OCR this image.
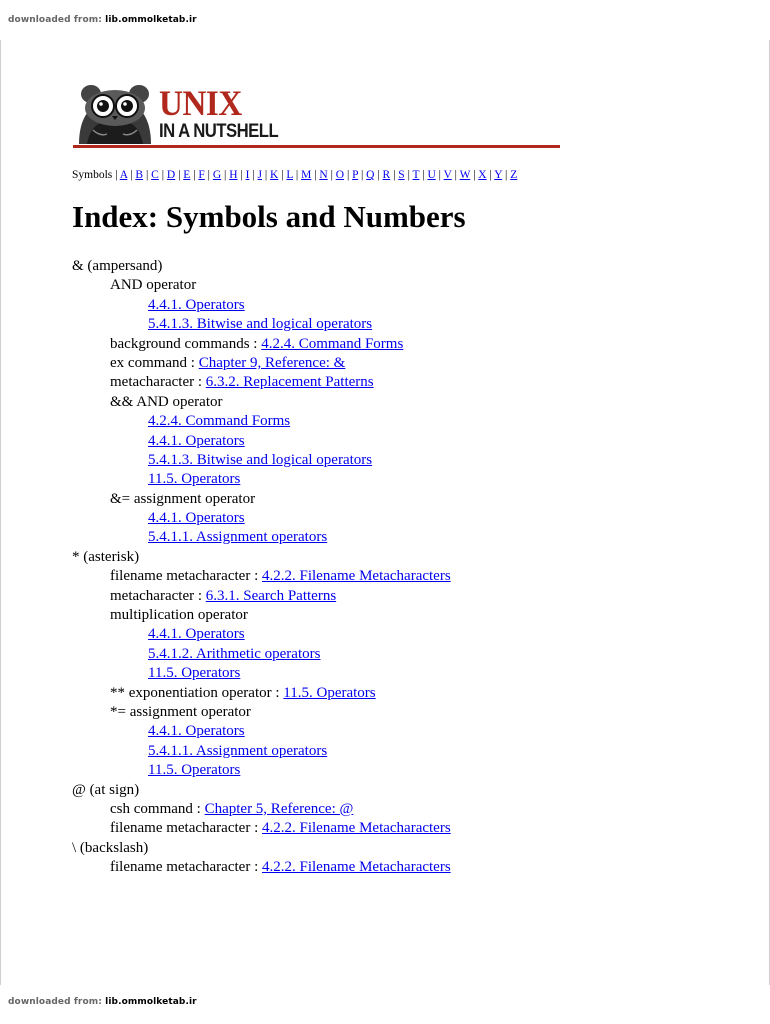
downloaded from: lib.ommolketab.ir
UNIX
IN A NUTSHELL
Symbols | A | B | C | D | E | F | G | H | I | J | K | L | M | N | O | P | Q | R | S | T | U | V | W | X | Y | Z
Index: Symbols and Numbers
& (ampersand)
AND operator
4.4.1. Operators
5.4.1.3. Bitwise and logical operators
background commands : 4.2.4. Command Forms
ex command : Chapter 9, Reference: &
metacharacter : 6.3.2. Replacement Patterns
&& AND operator
4.2.4. Command Forms
4.4.1. Operators
5.4.1.3. Bitwise and logical operators
11.5. Operators
&= assignment operator
4.4.1. Operators
5.4.1.1. Assignment operators
* (asterisk)
filename metacharacter : 4.2.2. Filename Metacharacters
metacharacter : 6.3.1. Search Patterns
multiplication operator
4.4.1. Operators
5.4.1.2. Arithmetic operators
11.5. Operators
** exponentiation operator : 11.5. Operators
*= assignment operator
4.4.1. Operators
5.4.1.1. Assignment operators
11.5. Operators
@ (at sign)
csh command : Chapter 5, Reference: @
filename metacharacter : 4.2.2. Filename Metacharacters
\ (backslash)
filename metacharacter : 4.2.2. Filename Metacharacters
downloaded from: lib.ommolketab.ir
